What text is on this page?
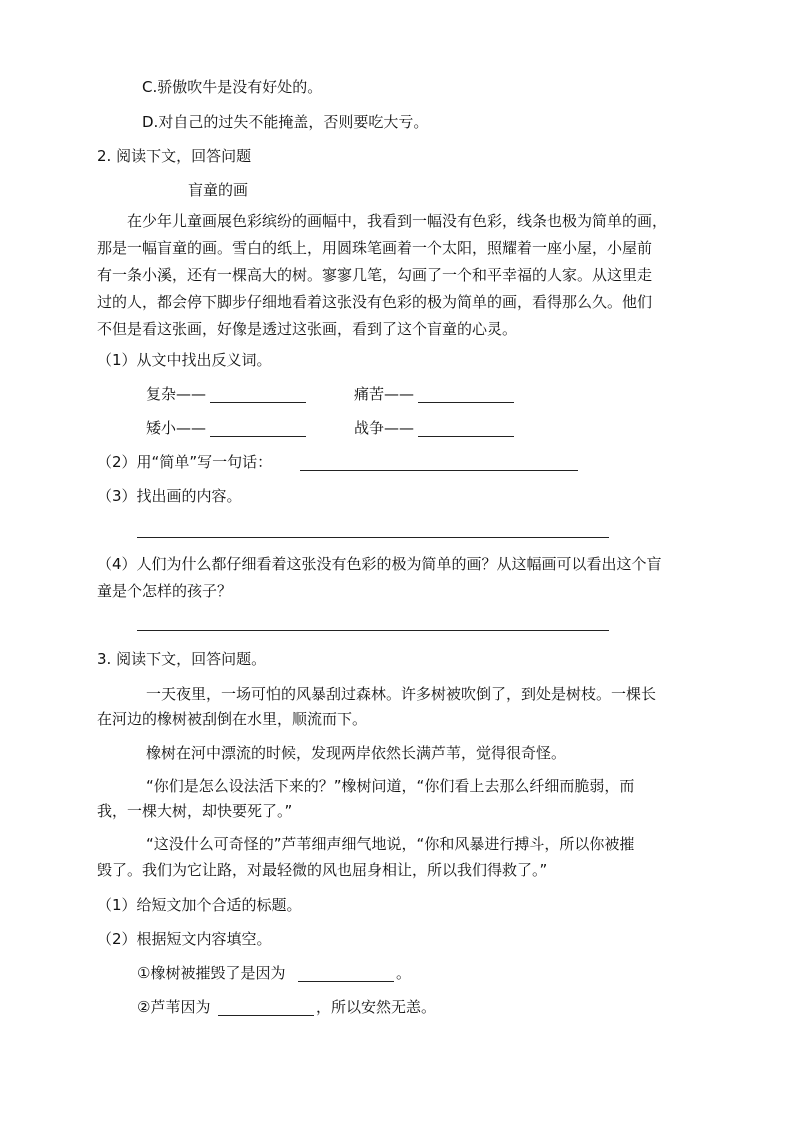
C.骄傲吹牛是没有好处的。
D.对自己的过失不能掩盖，否则要吃大亏。
2. 阅读下文，回答问题
盲童的画
在少年儿童画展色彩缤纷的画幅中，我看到一幅没有色彩，线条也极为简单的画，
那是一幅盲童的画。雪白的纸上，用圆珠笔画着一个太阳，照耀着一座小屋，小屋前
有一条小溪，还有一棵高大的树。寥寥几笔，勾画了一个和平幸福的人家。从这里走
过的人，都会停下脚步仔细地看着这张没有色彩的极为简单的画，看得那么久。他们
不但是看这张画，好像是透过这张画，看到了这个盲童的心灵。
（1）从文中找出反义词。
复杂——	痛苦——
矮小——	战争——
（2）用“简单”写一句话：
（3）找出画的内容。
（4）人们为什么都仔细看着这张没有色彩的极为简单的画？从这幅画可以看出这个盲
童是个怎样的孩子？
3. 阅读下文，回答问题。
一天夜里，一场可怕的风暴刮过森林。许多树被吹倒了，到处是树枝。一棵长
在河边的橡树被刮倒在水里，顺流而下。
橡树在河中漂流的时候，发现两岸依然长满芦苇，觉得很奇怪。
“你们是怎么设法活下来的？”橡树问道，“你们看上去那么纤细而脆弱，而
我，一棵大树，却快要死了。”
“这没什么可奇怪的”芦苇细声细气地说，“你和风暴进行搏斗，所以你被摧
毁了。我们为它让路，对最轻微的风也屈身相让，所以我们得救了。”
（1）给短文加个合适的标题。
（2）根据短文内容填空。
①橡树被摧毁了是因为	。
②芦苇因为	，所以安然无恙。
